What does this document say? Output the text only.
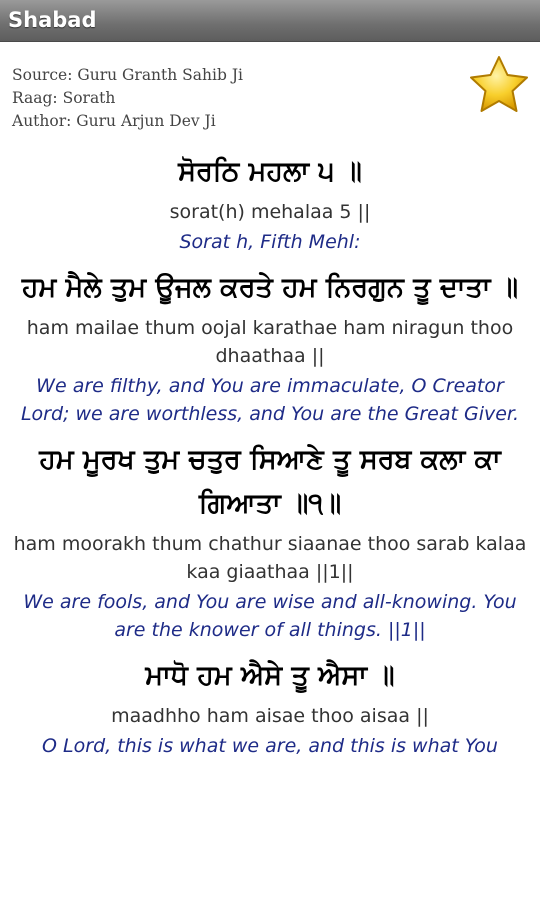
Shabad
Source: Guru Granth Sahib Ji
Raag: Sorath
Author: Guru Arjun Dev Ji
ਸੋਰਠਿ ਮਹਲਾ ੫ ॥
sorat(h) mehalaa 5 ||
Sorat h, Fifth Mehl:
ਹਮ ਮੈਲੇ ਤੁਮ ਊਜਲ ਕਰਤੇ ਹਮ ਨਿਰਗੁਨ ਤੂ ਦਾਤਾ ॥
ham mailae thum oojal karathae ham niragun thoo dhaathaa ||
We are filthy, and You are immaculate, O Creator Lord; we are worthless, and You are the Great Giver.
ਹਮ ਮੂਰਖ ਤੁਮ ਚਤੁਰ ਸਿਆਣੇ ਤੂ ਸਰਬ ਕਲਾ ਕਾ ਗਿਆਤਾ ॥੧॥
ham moorakh thum chathur siaanae thoo sarab kalaa kaa giaathaa ||1||
We are fools, and You are wise and all-knowing. You are the knower of all things. ||1||
ਮਾਧੋ ਹਮ ਐਸੇ ਤੂ ਐਸਾ ॥
maadhho ham aisae thoo aisaa ||
O Lord, this is what we are, and this is what You
